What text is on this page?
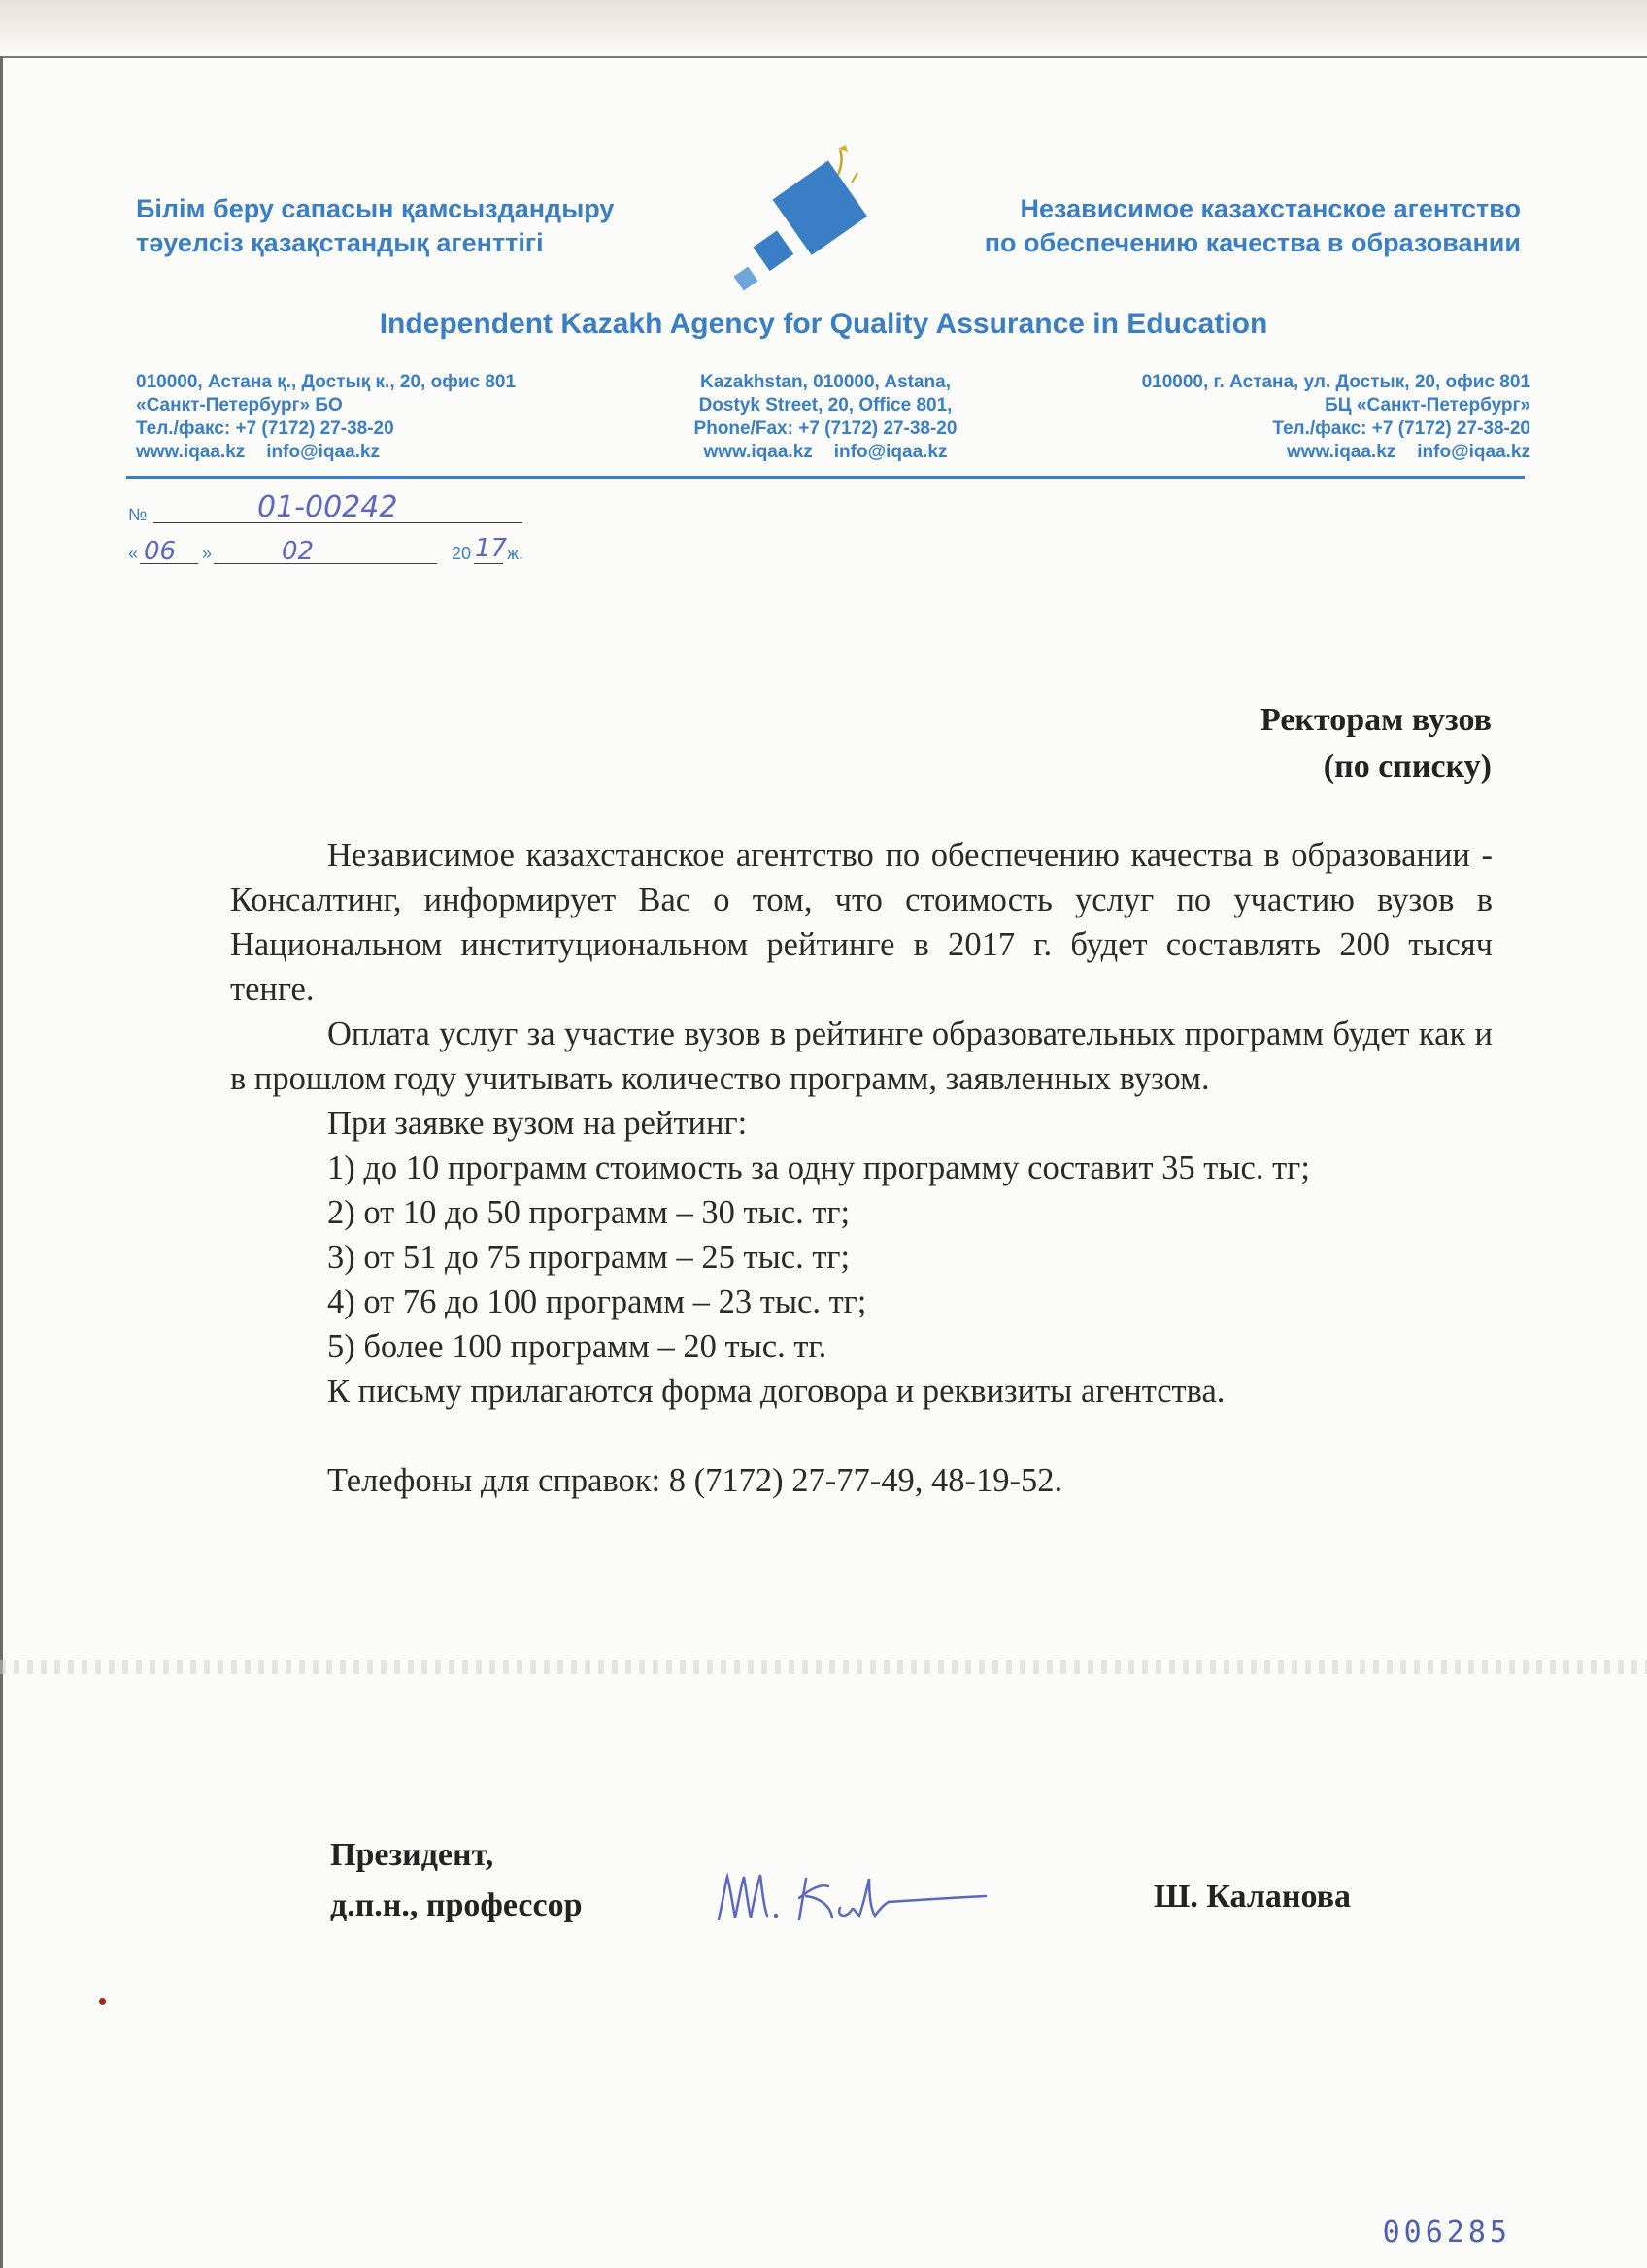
Білім беру сапасын қамсыздандыру
тәуелсіз қазақстандық агенттігі
Независимое казахстанское агентство
по обеспечению качества в образовании
Independent Kazakh Agency for Quality Assurance in Education
010000, Астана қ., Достық к., 20, офис 801
«Санкт-Петербург» БО
Тел./факс: +7 (7172) 27-38-20
www.iqaa.kz info@iqaa.kz
Kazakhstan, 010000, Astana,
Dostyk Street, 20, Office 801,
Phone/Fax: +7 (7172) 27-38-20
www.iqaa.kz info@iqaa.kz
010000, г. Астана, ул. Достык, 20, офис 801
БЦ «Санкт-Петербург»
Тел./факс: +7 (7172) 27-38-20
www.iqaa.kz info@iqaa.kz
№	01-00242
« 06 »	02	20 17 ж.
Ректорам вузов
(по списку)

Независимое казахстанское агентство по обеспечению качества в образовании - Консалтинг, информирует Вас о том, что стоимость услуг по участию вузов в Национальном институциональном рейтинге в 2017 г. будет составлять 200 тысяч тенге.

Оплата услуг за участие вузов в рейтинге образовательных программ будет как и в прошлом году учитывать количество программ, заявленных вузом.

При заявке вузом на рейтинг:

1) до 10 программ стоимость за одну программу составит 35 тыс. тг;

2) от 10 до 50 программ – 30 тыс. тг;

3) от 51 до 75 программ – 25 тыс. тг;

4) от 76 до 100 программ – 23 тыс. тг;

5) более 100 программ – 20 тыс. тг.

К письму прилагаются форма договора и реквизиты агентства.

Телефоны для справок: 8 (7172) 27-77-49, 48-19-52.

Президент,
д.п.н., профессор	Ш. Каланова
006285
